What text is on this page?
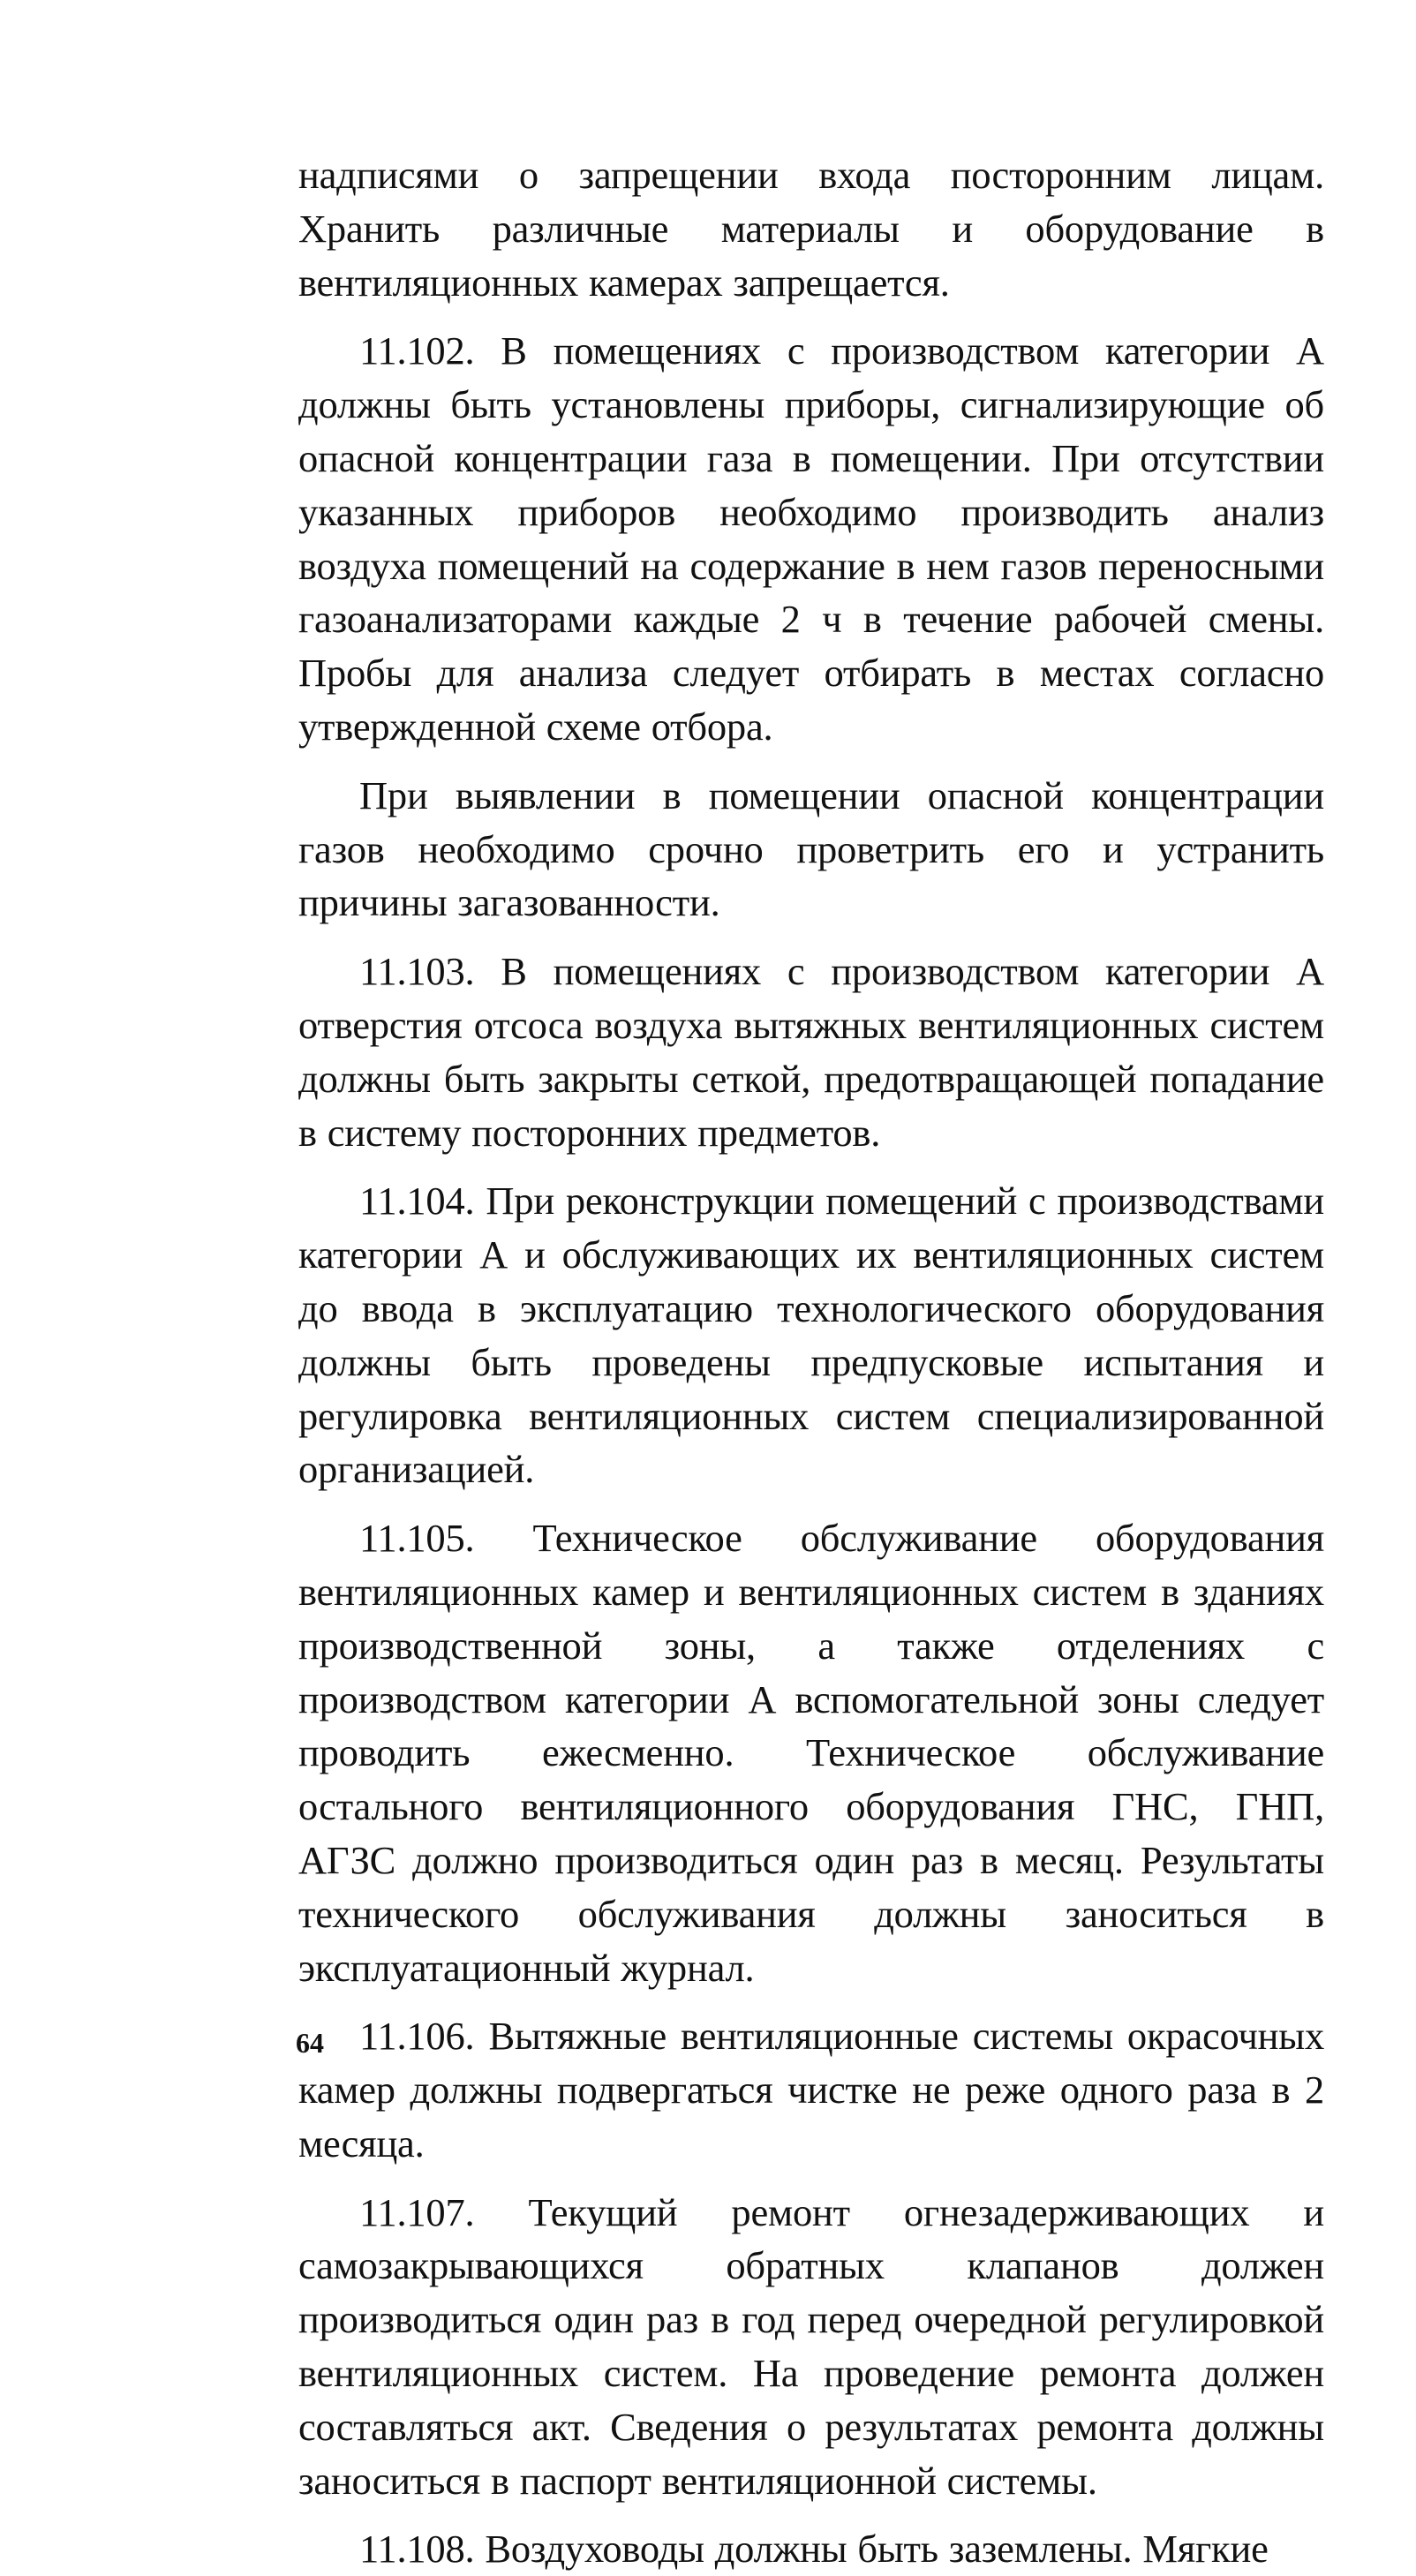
надписями о запрещении входа посторонним лицам. Хранить различные материалы и оборудование в вентиляционных камерах запрещается.

11.102. В помещениях с производством категории А должны быть установлены приборы, сигнализирующие об опасной концентрации газа в помещении. При отсутствии указанных приборов необходимо производить анализ воздуха помещений на содержание в нем газов переносными газоанализаторами каждые 2 ч в течение рабочей смены. Пробы для анализа следует отбирать в местах согласно утвержденной схеме отбора.

При выявлении в помещении опасной концентрации газов необходимо срочно проветрить его и устранить причины загазованности.

11.103. В помещениях с производством категории А отверстия отсоса воздуха вытяжных вентиляционных систем должны быть закрыты сеткой, предотвращающей попадание в систему посторонних предметов.

11.104. При реконструкции помещений с производствами категории А и обслуживающих их вентиляционных систем до ввода в эксплуатацию технологического оборудования должны быть проведены предпусковые испытания и регулировка вентиляционных систем специализированной организацией.

11.105. Техническое обслуживание оборудования вентиляционных камер и вентиляционных систем в зданиях производственной зоны, а также отделениях с производством категории А вспомогательной зоны следует проводить ежесменно. Техническое обслуживание остального вентиляционного оборудования ГНС, ГНП, АГЗС должно производиться один раз в месяц. Результаты технического обслуживания должны заноситься в эксплуатационный журнал.

11.106. Вытяжные вентиляционные системы окрасочных камер должны подвергаться чистке не реже одного раза в 2 месяца.

11.107. Текущий ремонт огнезадерживающих и самозакрывающихся обратных клапанов должен производиться один раз в год перед очередной регулировкой вентиляционных систем. На проведение ремонта должен составляться акт. Сведения о результатах ремонта должны заноситься в паспорт вентиляционной системы.

11.108. Воздуховоды должны быть заземлены. Мягкие

64
